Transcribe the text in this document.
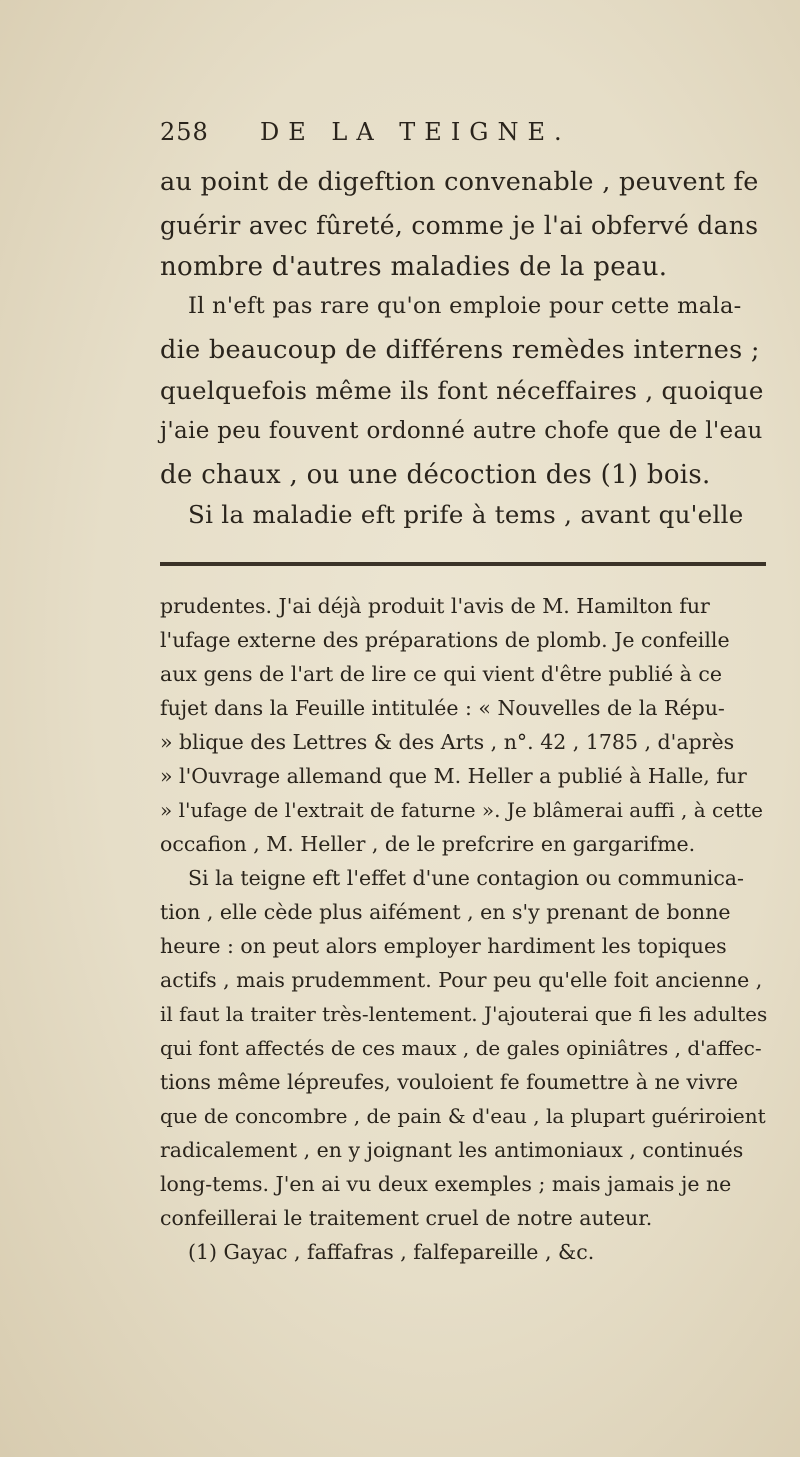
258 DE LA TEIGNE.
au point de digeftion convenable , peuvent fe
guérir avec fûreté, comme je l'ai obfervé dans
nombre d'autres maladies de la peau.
Il n'eft pas rare qu'on emploie pour cette mala-
die beaucoup de différens remèdes internes ;
quelquefois même ils font néceffaires , quoique
j'aie peu fouvent ordonné autre chofe que de l'eau
de chaux , ou une décoction des (1) bois.
Si la maladie eft prife à tems , avant qu'elle
prudentes. J'ai déjà produit l'avis de M. Hamilton fur
l'ufage externe des préparations de plomb. Je confeille
aux gens de l'art de lire ce qui vient d'être publié à ce
fujet dans la Feuille intitulée : « Nouvelles de la Répu-
» blique des Lettres & des Arts , n°. 42 , 1785 , d'après
» l'Ouvrage allemand que M. Heller a publié à Halle, fur
» l'ufage de l'extrait de faturne ». Je blâmerai auffi , à cette
occafion , M. Heller , de le prefcrire en gargarifme.
Si la teigne eft l'effet d'une contagion ou communica-
tion , elle cède plus aifément , en s'y prenant de bonne
heure : on peut alors employer hardiment les topiques
actifs , mais prudemment. Pour peu qu'elle foit ancienne ,
il faut la traiter très-lentement. J'ajouterai que fi les adultes
qui font affectés de ces maux , de gales opiniâtres , d'affec-
tions même lépreufes, vouloient fe foumettre à ne vivre
que de concombre , de pain & d'eau , la plupart guériroient
radicalement , en y joignant les antimoniaux , continués
long-tems. J'en ai vu deux exemples ; mais jamais je ne
confeillerai le traitement cruel de notre auteur.
(1) Gayac , faffafras , falfepareille , &c.
